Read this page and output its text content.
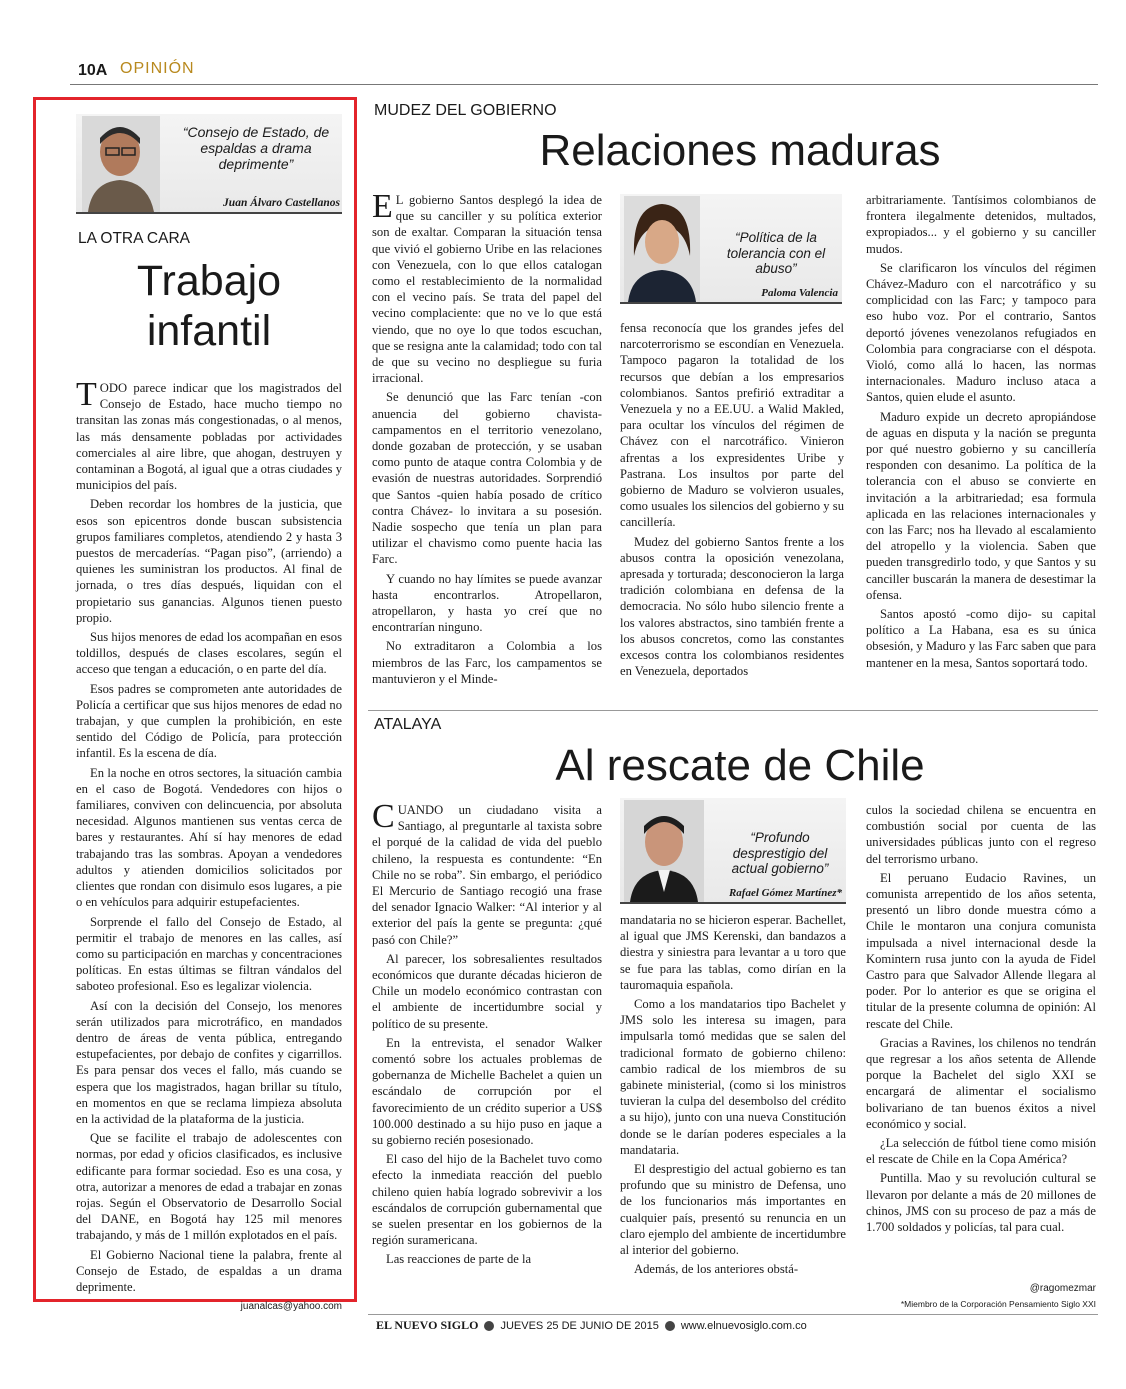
10A OPINIÓN
“Consejo de Estado, de espaldas a drama deprimente”
Juan Álvaro Castellanos
LA OTRA CARA
Trabajo infantil

TODO parece indicar que los magistrados del Consejo de Estado, hace mucho tiempo no transitan las zonas más congestionadas, o al menos, las más densamente pobladas por actividades comerciales al aire libre, que ahogan, destruyen y contaminan a Bogotá, al igual que a otras ciudades y municipios del país.

Deben recordar los hombres de la justicia, que esos son epicentros donde buscan subsistencia grupos familiares completos, atendiendo 2 y hasta 3 puestos de mercaderías. “Pagan piso”, (arriendo) a quienes les suministran los productos. Al final de jornada, o tres días después, liquidan con el propietario sus ganancias. Algunos tienen puesto propio.

Sus hijos menores de edad los acompañan en esos toldillos, después de clases escolares, según el acceso que tengan a educación, o en parte del día.

Esos padres se comprometen ante autoridades de Policía a certificar que sus hijos menores de edad no trabajan, y que cumplen la prohibición, en este sentido del Código de Policía, para protección infantil. Es la escena de día.

En la noche en otros sectores, la situación cambia en el caso de Bogotá. Vendedores con hijos o familiares, conviven con delincuencia, por absoluta necesidad. Algunos mantienen sus ventas cerca de bares y restaurantes. Ahí sí hay menores de edad trabajando tras las sombras. Apoyan a vendedores adultos y atienden domicilios solicitados por clientes que rondan con disimulo esos lugares, a pie o en vehículos para adquirir estupefacientes.

Sorprende el fallo del Consejo de Estado, al permitir el trabajo de menores en las calles, así como su participación en marchas y concentraciones políticas. En estas últimas se filtran vándalos del saboteo profesional. Eso es legalizar violencia.

Así con la decisión del Consejo, los menores serán utilizados para microtráfico, en mandados dentro de áreas de venta pública, entregando estupefacientes, por debajo de confites y cigarrillos. Es para pensar dos veces el fallo, más cuando se espera que los magistrados, hagan brillar su título, en momentos en que se reclama limpieza absoluta en la actividad de la plataforma de la justicia.

Que se facilite el trabajo de adolescentes con normas, por edad y oficios clasificados, es inclusive edificante para formar sociedad. Eso es una cosa, y otra, autorizar a menores de edad a trabajar en zonas rojas. Según el Observatorio de Desarrollo Social del DANE, en Bogotá hay 125 mil menores trabajando, y más de 1 millón explotados en el país.

El Gobierno Nacional tiene la palabra, frente al Consejo de Estado, de espaldas a un drama deprimente.

juanalcas@yahoo.com
MUDEZ DEL GOBIERNO
Relaciones maduras

E L gobierno Santos desplegó la idea de que su canciller y su política exterior son de exaltar. Comparan la situación tensa que vivió el gobierno Uribe en las relaciones con Venezuela, con lo que ellos catalogan como el restablecimiento de la normalidad con el vecino país. Se trata del papel del vecino complaciente: que no ve lo que está viendo, que no oye lo que todos escuchan, que se resigna ante la calamidad; todo con tal de que su vecino no despliegue su furia irracional.

Se denunció que las Farc tenían -con anuencia del gobierno chavista- campamentos en el territorio venezolano, donde gozaban de protección, y se usaban como punto de ataque contra Colombia y de evasión de nuestras autoridades. Sorprendió que Santos -quien había posado de crítico contra Chávez- lo invitara a su posesión. Nadie sospecho que tenía un plan para utilizar el chavismo como puente hacia las Farc.

Y cuando no hay límites se puede avanzar hasta encontrarlos. Atropellaron, atropellaron, y hasta yo creí que no encontrarían ninguno.

No extraditaron a Colombia a los miembros de las Farc, los campamentos se mantuvieron y el Minde-

“Política de la tolerancia con el abuso”
Paloma Valencia

fensa reconocía que los grandes jefes del narcoterrorismo se escondían en Venezuela. Tampoco pagaron la totalidad de los recursos que debían a los empresarios colombianos. Santos prefirió extraditar a Venezuela y no a EE.UU. a Walid Makled, para ocultar los vínculos del régimen de Chávez con el narcotráfico. Vinieron afrentas a los expresidentes Uribe y Pastrana. Los insultos por parte del gobierno de Maduro se volvieron usuales, como usuales los silencios del gobierno y su cancillería.

Mudez del gobierno Santos frente a los abusos contra la oposición venezolana, apresada y torturada; desconocieron la larga tradición colombiana en defensa de la democracia. No sólo hubo silencio frente a los valores abstractos, sino también frente a los abusos concretos, como las constantes excesos contra los colombianos residentes en Venezuela, deportados

arbitrariamente. Tantísimos colombianos de frontera ilegalmente detenidos, multados, expropiados... y el gobierno y su canciller mudos.

Se clarificaron los vínculos del régimen Chávez-Maduro con el narcotráfico y su complicidad con las Farc; y tampoco para eso hubo voz. Por el contrario, Santos deportó jóvenes venezolanos refugiados en Colombia para congraciarse con el déspota. Violó, como allá lo hacen, las normas internacionales. Maduro incluso ataca a Santos, quien elude el asunto.

Maduro expide un decreto apropiándose de aguas en disputa y la nación se pregunta por qué nuestro gobierno y su cancillería responden con desanimo. La política de la tolerancia con el abuso se convierte en invitación a la arbitrariedad; esa formula aplicada en las relaciones internacionales y con las Farc; nos ha llevado al escalamiento del atropello y la violencia. Saben que pueden transgredirlo todo, y que Santos y su canciller buscarán la manera de desestimar la ofensa.

Santos apostó -como dijo- su capital político a La Habana, esa es su única obsesión, y Maduro y las Farc saben que para mantener en la mesa, Santos soportará todo.

ATALAYA
Al rescate de Chile

CUANDO un ciudadano visita a Santiago, al preguntarle al taxista sobre el porqué de la calidad de vida del pueblo chileno, la respuesta es contundente: “En Chile no se roba”. Sin embargo, el periódico El Mercurio de Santiago recogió una frase del senador Ignacio Walker: “Al interior y al exterior del país la gente se pregunta: ¿qué pasó con Chile?”

Al parecer, los sobresalientes resultados económicos que durante décadas hicieron de Chile un modelo económico contrastan con el ambiente de incertidumbre social y político de su presente.

En la entrevista, el senador Walker comentó sobre los actuales problemas de gobernanza de Michelle Bachelet a quien un escándalo de corrupción por el favorecimiento de un crédito superior a US$ 100.000 destinado a su hijo puso en jaque a su gobierno recién posesionado.

El caso del hijo de la Bachelet tuvo como efecto la inmediata reacción del pueblo chileno quien había logrado sobrevivir a los escándalos de corrupción gubernamental que se suelen presentar en los gobiernos de la región suramericana.

Las reacciones de parte de la

“Profundo desprestigio del actual gobierno”
Rafael Gómez Martínez*

mandataria no se hicieron esperar. Bachellet, al igual que JMS Kerenski, dan bandazos a diestra y siniestra para levantar a u toro que se fue para las tablas, como dirían en la tauromaquia española.

Como a los mandatarios tipo Bachelet y JMS solo les interesa su imagen, para impulsarla tomó medidas que se salen del tradicional formato de gobierno chileno: cambio radical de los miembros de su gabinete ministerial, (como si los ministros tuvieran la culpa del desembolso del crédito a su hijo), junto con una nueva Constitución donde se le darían poderes especiales a la mandataria.

El desprestigio del actual gobierno es tan profundo que su ministro de Defensa, uno de los funcionarios más importantes en cualquier país, presentó su renuncia en un claro ejemplo del ambiente de incertidumbre al interior del gobierno.

Además, de los anteriores obstá-

culos la sociedad chilena se encuentra en combustión social por cuenta de las universidades públicas junto con el regreso del terrorismo urbano.

El peruano Eudacio Ravines, un comunista arrepentido de los años setenta, presentó un libro donde muestra cómo a Chile le montaron una conjura comunista impulsada a nivel internacional desde la Komintern rusa junto con la ayuda de Fidel Castro para que Salvador Allende llegara al poder. Por lo anterior es que se origina el titular de la presente columna de opinión: Al rescate del Chile.

Gracias a Ravines, los chilenos no tendrán que regresar a los años setenta de Allende porque la Bachelet del siglo XXI se encargará de alimentar el socialismo bolivariano de tan buenos éxitos a nivel económico y social.

¿La selección de fútbol tiene como misión el rescate de Chile en la Copa América?

Puntilla. Mao y su revolución cultural se llevaron por delante a más de 20 millones de chinos, JMS con su proceso de paz a más de 1.700 soldados y policías, tal para cual.

@ragomezmar
*Miembro de la Corporación Pensamiento Siglo XXI
EL NUEVO SIGLO JUEVES 25 DE JUNIO DE 2015 www.elnuevosiglo.com.co
